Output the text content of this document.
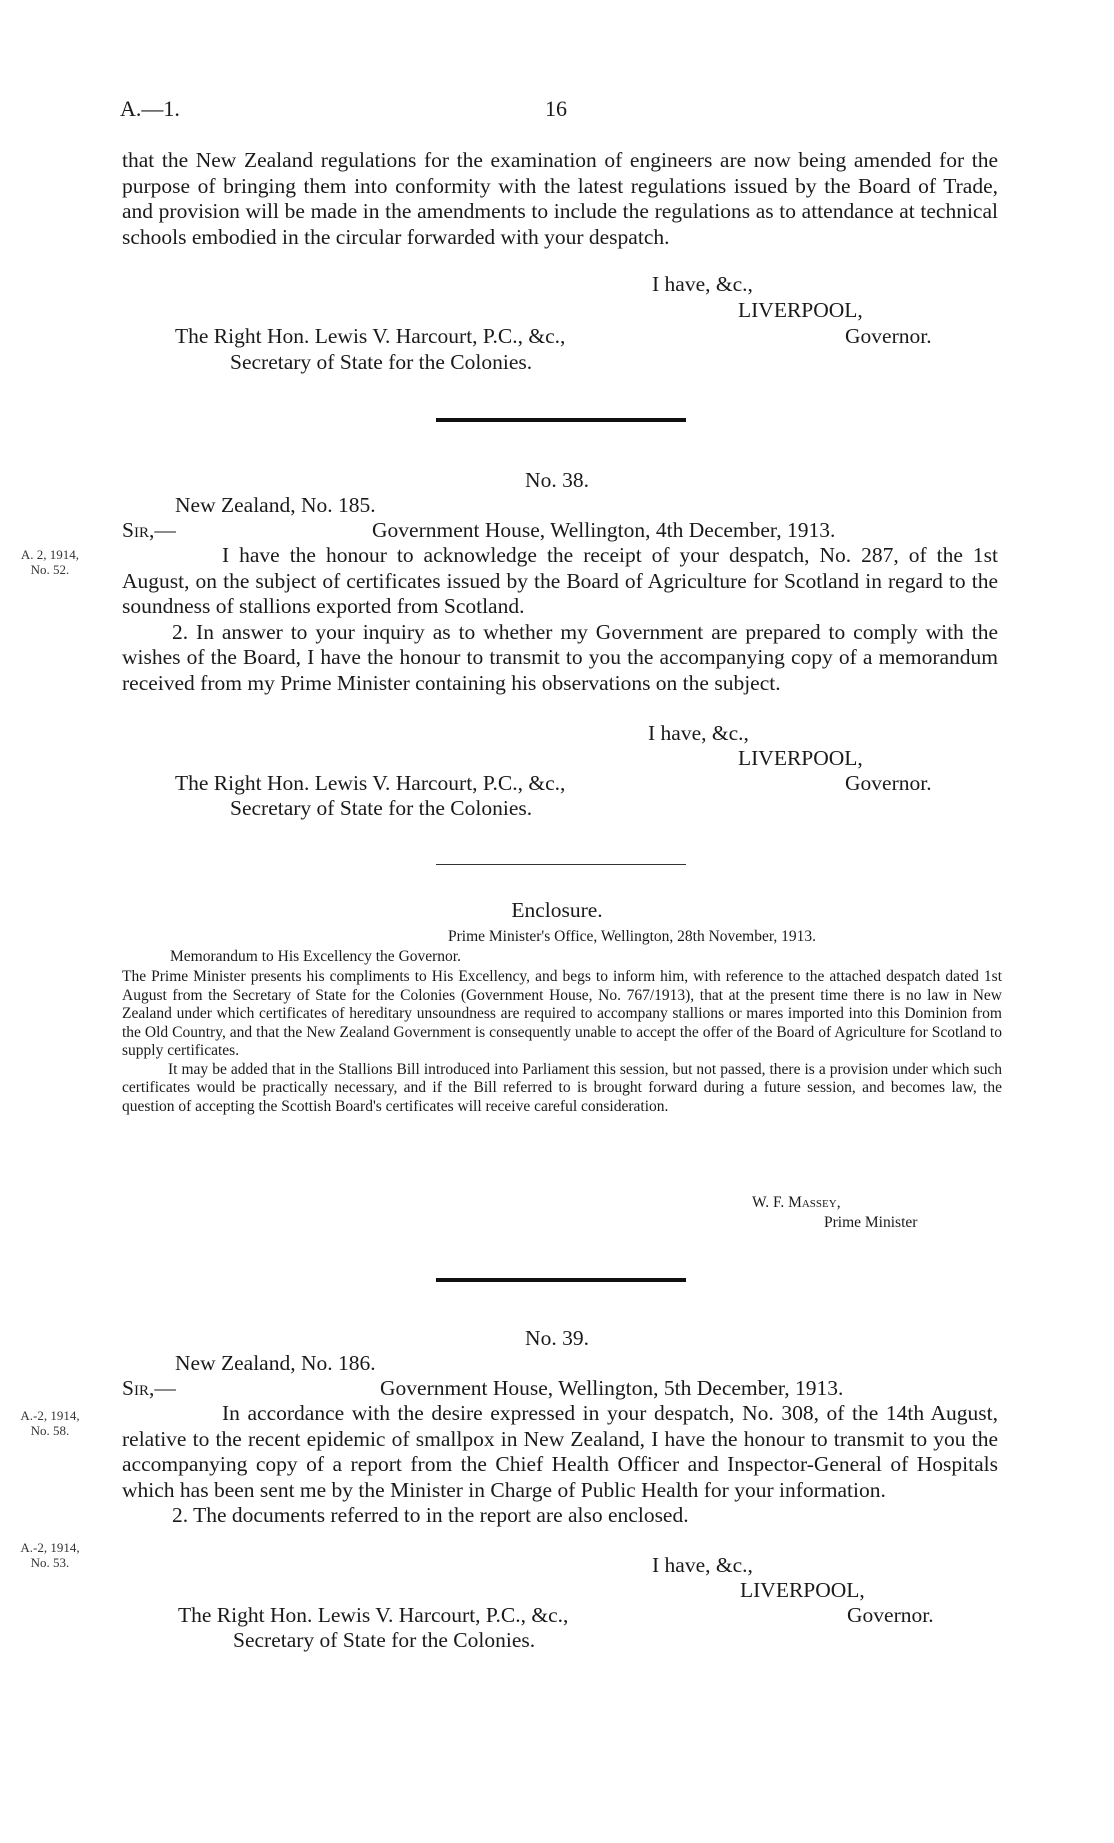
A.—1.	16

that the New Zealand regulations for the examination of engineers are now being amended for the purpose of bringing them into conformity with the latest regulations issued by the Board of Trade, and provision will be made in the amendments to include the regulations as to attendance at technical schools embodied in the circular forwarded with your despatch.

I have, &c.,
LIVERPOOL,
Governor.
The Right Hon. Lewis V. Harcourt, P.C., &c.,
Secretary of State for the Colonies.
No. 38.
New Zealand, No. 185.
Sir,—	Government House, Wellington, 4th December, 1913.
A. 2, 1914,
No. 52.

I have the honour to acknowledge the receipt of your despatch, No. 287, of the 1st August, on the subject of certificates issued by the Board of Agriculture for Scotland in regard to the soundness of stallions exported from Scotland.

2. In answer to your inquiry as to whether my Government are prepared to comply with the wishes of the Board, I have the honour to transmit to you the accompanying copy of a memorandum received from my Prime Minister containing his observations on the subject.

I have, &c.,
LIVERPOOL,
Governor.
The Right Hon. Lewis V. Harcourt, P.C., &c.,
Secretary of State for the Colonies.
Enclosure.
Prime Minister's Office, Wellington, 28th November, 1913.
Memorandum to His Excellency the Governor.

The Prime Minister presents his compliments to His Excellency, and begs to inform him, with reference to the attached despatch dated 1st August from the Secretary of State for the Colonies (Government House, No. 767/1913), that at the present time there is no law in New Zealand under which certificates of hereditary unsoundness are required to accompany stallions or mares imported into this Dominion from the Old Country, and that the New Zealand Government is consequently unable to accept the offer of the Board of Agriculture for Scotland to supply certificates.

It may be added that in the Stallions Bill introduced into Parliament this session, but not passed, there is a provision under which such certificates would be practically necessary, and if the Bill referred to is brought forward during a future session, and becomes law, the question of accepting the Scottish Board's certificates will receive careful consideration.

W. F. Massey,
Prime Minister
No. 39.
New Zealand, No. 186.
Sir,—	Government House, Wellington, 5th December, 1913.
A.-2, 1914,
No. 58.
A.-2, 1914,
No. 53.

In accordance with the desire expressed in your despatch, No. 308, of the 14th August, relative to the recent epidemic of smallpox in New Zealand, I have the honour to transmit to you the accompanying copy of a report from the Chief Health Officer and Inspector-General of Hospitals which has been sent me by the Minister in Charge of Public Health for your information.

2. The documents referred to in the report are also enclosed.

I have, &c.,
LIVERPOOL,
Governor.
The Right Hon. Lewis V. Harcourt, P.C., &c.,
Secretary of State for the Colonies.
